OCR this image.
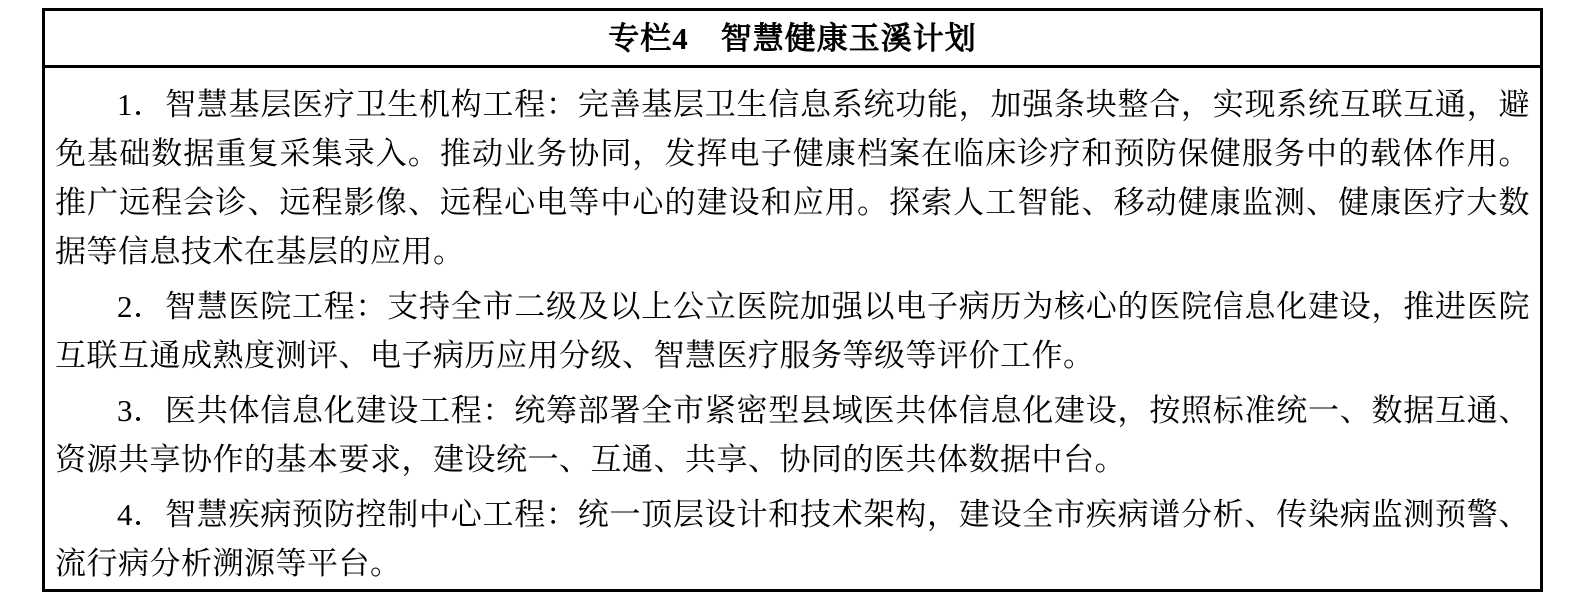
专栏4　智慧健康玉溪计划

1．智慧基层医疗卫生机构工程：完善基层卫生信息系统功能，加强条块整合，实现系统互联互通，避免基础数据重复采集录入。推动业务协同，发挥电子健康档案在临床诊疗和预防保健服务中的载体作用。推广远程会诊、远程影像、远程心电等中心的建设和应用。探索人工智能、移动健康监测、健康医疗大数据等信息技术在基层的应用。

2．智慧医院工程：支持全市二级及以上公立医院加强以电子病历为核心的医院信息化建设，推进医院互联互通成熟度测评、电子病历应用分级、智慧医疗服务等级等评价工作。

3．医共体信息化建设工程：统筹部署全市紧密型县域医共体信息化建设，按照标准统一、数据互通、资源共享协作的基本要求，建设统一、互通、共享、协同的医共体数据中台。

4．智慧疾病预防控制中心工程：统一顶层设计和技术架构，建设全市疾病谱分析、传染病监测预警、流行病分析溯源等平台。
